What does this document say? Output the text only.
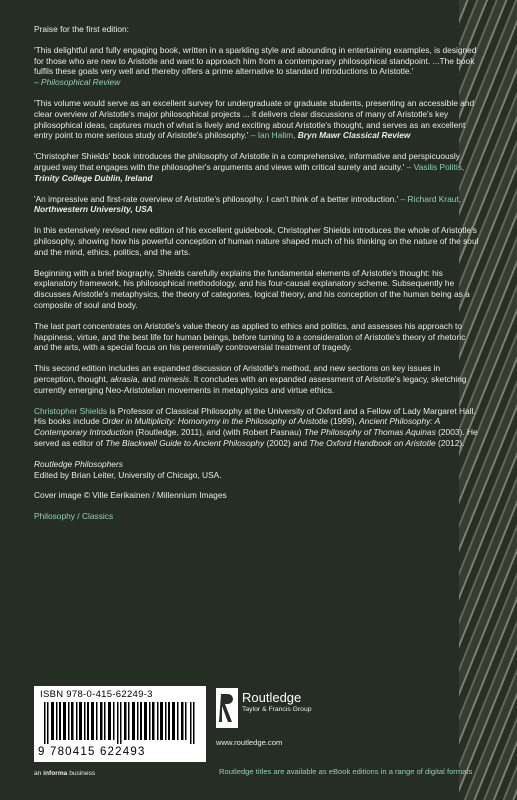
Praise for the first edition:

'This delightful and fully engaging book, written in a sparkling style and abounding in entertaining examples, is designed for those who are new to Aristotle and want to approach him from a contemporary philosophical standpoint. ...The book fulfils these goals very well and thereby offers a prime alternative to standard introductions to Aristotle.'
– Philosophical Review

'This volume would serve as an excellent survey for undergraduate or graduate students, presenting an accessible and clear overview of Aristotle's major philosophical projects ... it delivers clear discussions of many of Aristotle's key philosophical ideas, captures much of what is lively and exciting about Aristotle's thought, and serves as an excellent entry point to more serious study of Aristotle's philosophy.' – Ian Halim, Bryn Mawr Classical Review

'Christopher Shields' book introduces the philosophy of Aristotle in a comprehensive, informative and perspicuously argued way that engages with the philosopher's arguments and views with critical surety and acuity.' – Vasilis Politis, Trinity College Dublin, Ireland

'An impressive and first-rate overview of Aristotle's philosophy. I can't think of a better introduction.' – Richard Kraut, Northwestern University, USA

In this extensively revised new edition of his excellent guidebook, Christopher Shields introduces the whole of Aristotle's philosophy, showing how his powerful conception of human nature shaped much of his thinking on the nature of the soul and the mind, ethics, politics, and the arts.

Beginning with a brief biography, Shields carefully explains the fundamental elements of Aristotle's thought: his explanatory framework, his philosophical methodology, and his four-causal explanatory scheme. Subsequently he discusses Aristotle's metaphysics, the theory of categories, logical theory, and his conception of the human being as a composite of soul and body.

The last part concentrates on Aristotle's value theory as applied to ethics and politics, and assesses his approach to happiness, virtue, and the best life for human beings, before turning to a consideration of Aristotle's theory of rhetoric and the arts, with a special focus on his perennially controversial treatment of tragedy.

This second edition includes an expanded discussion of Aristotle's method, and new sections on key issues in perception, thought, akrasia, and mimesis. It concludes with an expanded assessment of Aristotle's legacy, sketching currently emerging Neo-Aristotelian movements in metaphysics and virtue ethics.

Christopher Shields is Professor of Classical Philosophy at the University of Oxford and a Fellow of Lady Margaret Hall. His books include Order in Multiplicity: Homonymy in the Philosophy of Aristotle (1999), Ancient Philosophy: A Contemporary Introduction (Routledge, 2011), and (with Robert Pasnau) The Philosophy of Thomas Aquinas (2003). He served as editor of The Blackwell Guide to Ancient Philosophy (2002) and The Oxford Handbook on Aristotle (2012).

Routledge Philosophers
Edited by Brian Leiter, University of Chicago, USA.

Cover image © Ville Eerikainen / Millennium Images

Philosophy / Classics

ISBN 978-0-415-62249-3
9 780415 622493
Routledge
Taylor & Francis Group
www.routledge.com
an informa business	Routledge titles are available as eBook editions in a range of digital formats
